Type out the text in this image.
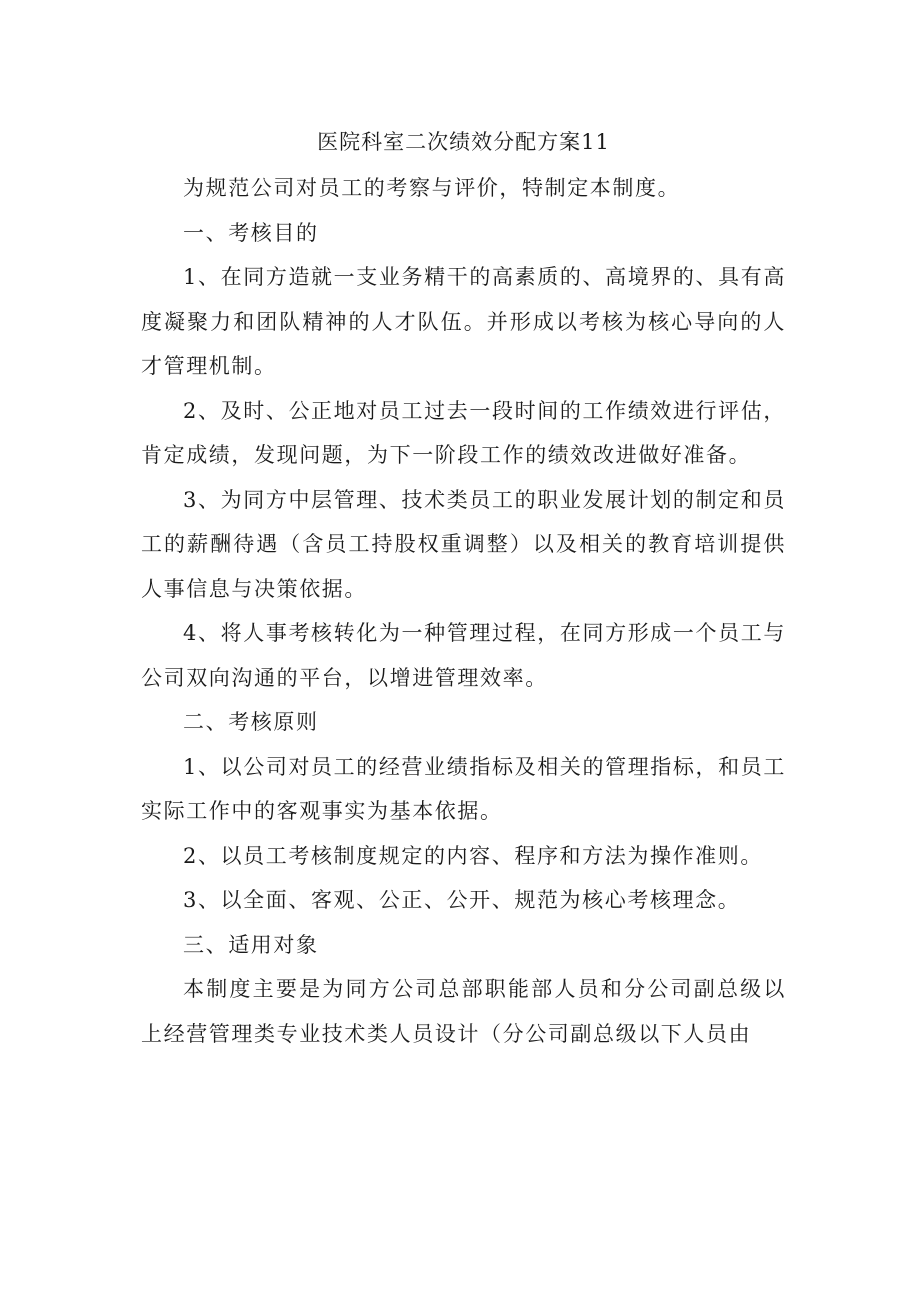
医院科室二次绩效分配方案11

为规范公司对员工的考察与评价，特制定本制度。

一、考核目的

1、在同方造就一支业务精干的高素质的、高境界的、具有高度凝聚力和团队精神的人才队伍。并形成以考核为核心导向的人才管理机制。

2、及时、公正地对员工过去一段时间的工作绩效进行评估，肯定成绩，发现问题，为下一阶段工作的绩效改进做好准备。

3、为同方中层管理、技术类员工的职业发展计划的制定和员工的薪酬待遇（含员工持股权重调整）以及相关的教育培训提供人事信息与决策依据。

4、将人事考核转化为一种管理过程，在同方形成一个员工与公司双向沟通的平台，以增进管理效率。

二、考核原则

1、以公司对员工的经营业绩指标及相关的管理指标，和员工实际工作中的客观事实为基本依据。

2、以员工考核制度规定的内容、程序和方法为操作准则。

3、以全面、客观、公正、公开、规范为核心考核理念。

三、适用对象

本制度主要是为同方公司总部职能部人员和分公司副总级以上经营管理类专业技术类人员设计（分公司副总级以下人员由
